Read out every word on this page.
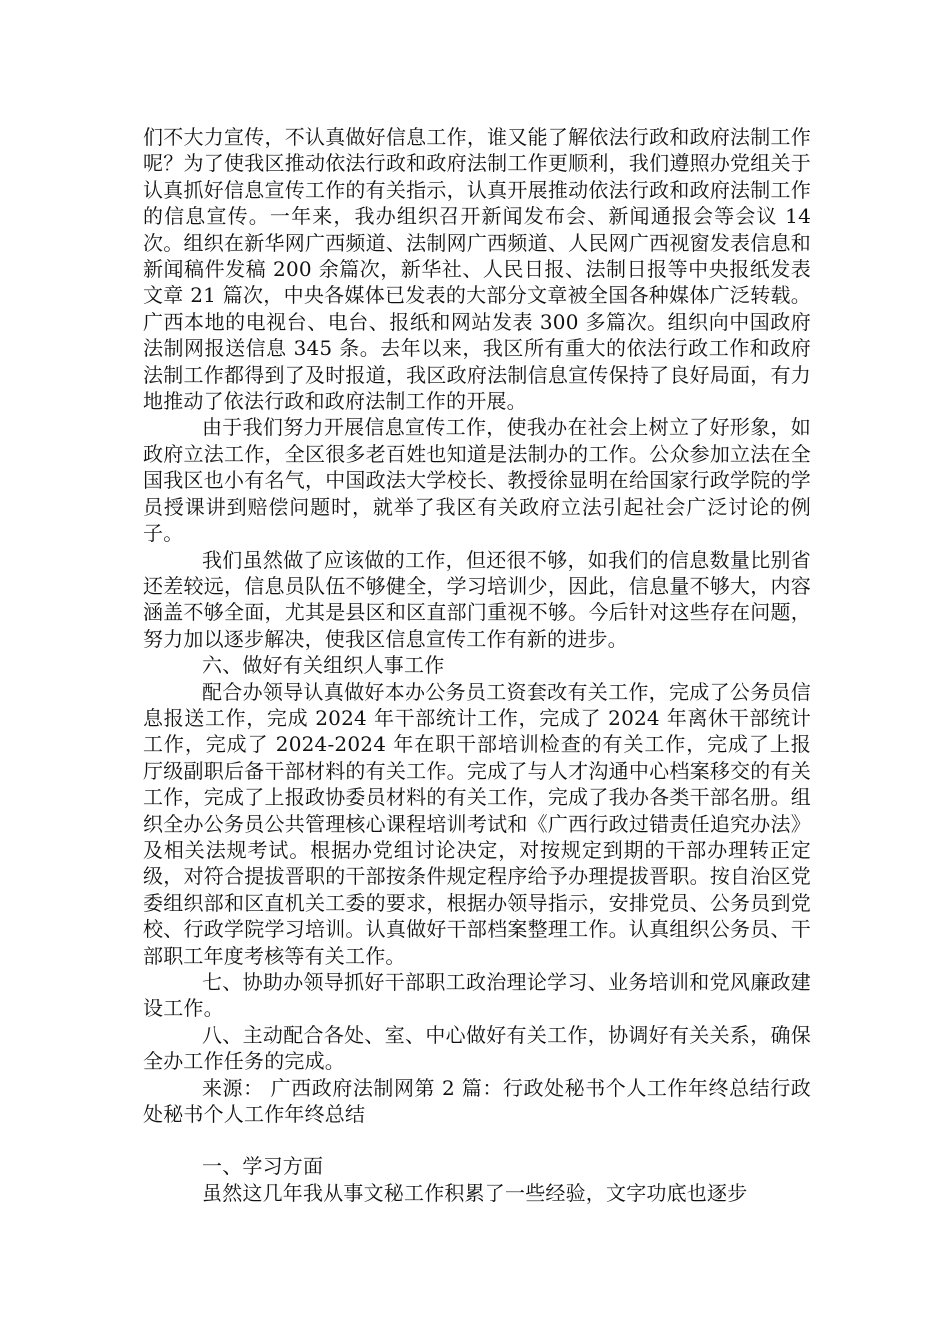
们不大力宣传，不认真做好信息工作，谁又能了解依法行政和政府法制工作呢？为了使我区推动依法行政和政府法制工作更顺利，我们遵照办党组关于认真抓好信息宣传工作的有关指示，认真开展推动依法行政和政府法制工作的信息宣传。一年来，我办组织召开新闻发布会、新闻通报会等会议 14 次。组织在新华网广西频道、法制网广西频道、人民网广西视窗发表信息和新闻稿件发稿 200 余篇次，新华社、人民日报、法制日报等中央报纸发表文章 21 篇次，中央各媒体已发表的大部分文章被全国各种媒体广泛转载。广西本地的电视台、电台、报纸和网站发表 300 多篇次。组织向中国政府法制网报送信息 345 条。去年以来，我区所有重大的依法行政工作和政府法制工作都得到了及时报道，我区政府法制信息宣传保持了良好局面，有力地推动了依法行政和政府法制工作的开展。

由于我们努力开展信息宣传工作，使我办在社会上树立了好形象，如政府立法工作，全区很多老百姓也知道是法制办的工作。公众参加立法在全国我区也小有名气，中国政法大学校长、教授徐显明在给国家行政学院的学员授课讲到赔偿问题时，就举了我区有关政府立法引起社会广泛讨论的例子。

我们虽然做了应该做的工作，但还很不够，如我们的信息数量比别省还差较远，信息员队伍不够健全，学习培训少，因此，信息量不够大，内容涵盖不够全面，尤其是县区和区直部门重视不够。今后针对这些存在问题，努力加以逐步解决，使我区信息宣传工作有新的进步。

六、做好有关组织人事工作

配合办领导认真做好本办公务员工资套改有关工作，完成了公务员信息报送工作，完成 2024 年干部统计工作，完成了 2024 年离休干部统计工作，完成了 2024-2024 年在职干部培训检查的有关工作，完成了上报厅级副职后备干部材料的有关工作。完成了与人才沟通中心档案移交的有关工作，完成了上报政协委员材料的有关工作，完成了我办各类干部名册。组织全办公务员公共管理核心课程培训考试和《广西行政过错责任追究办法》及相关法规考试。根据办党组讨论决定，对按规定到期的干部办理转正定级，对符合提拔晋职的干部按条件规定程序给予办理提拔晋职。按自治区党委组织部和区直机关工委的要求，根据办领导指示，安排党员、公务员到党校、行政学院学习培训。认真做好干部档案整理工作。认真组织公务员、干部职工年度考核等有关工作。

七、协助办领导抓好干部职工政治理论学习、业务培训和党风廉政建设工作。

八、主动配合各处、室、中心做好有关工作，协调好有关关系，确保全办工作任务的完成。

来源： 广西政府法制网第 2 篇：行政处秘书个人工作年终总结行政处秘书个人工作年终总结

一、学习方面

虽然这几年我从事文秘工作积累了一些经验，文字功底也逐步
